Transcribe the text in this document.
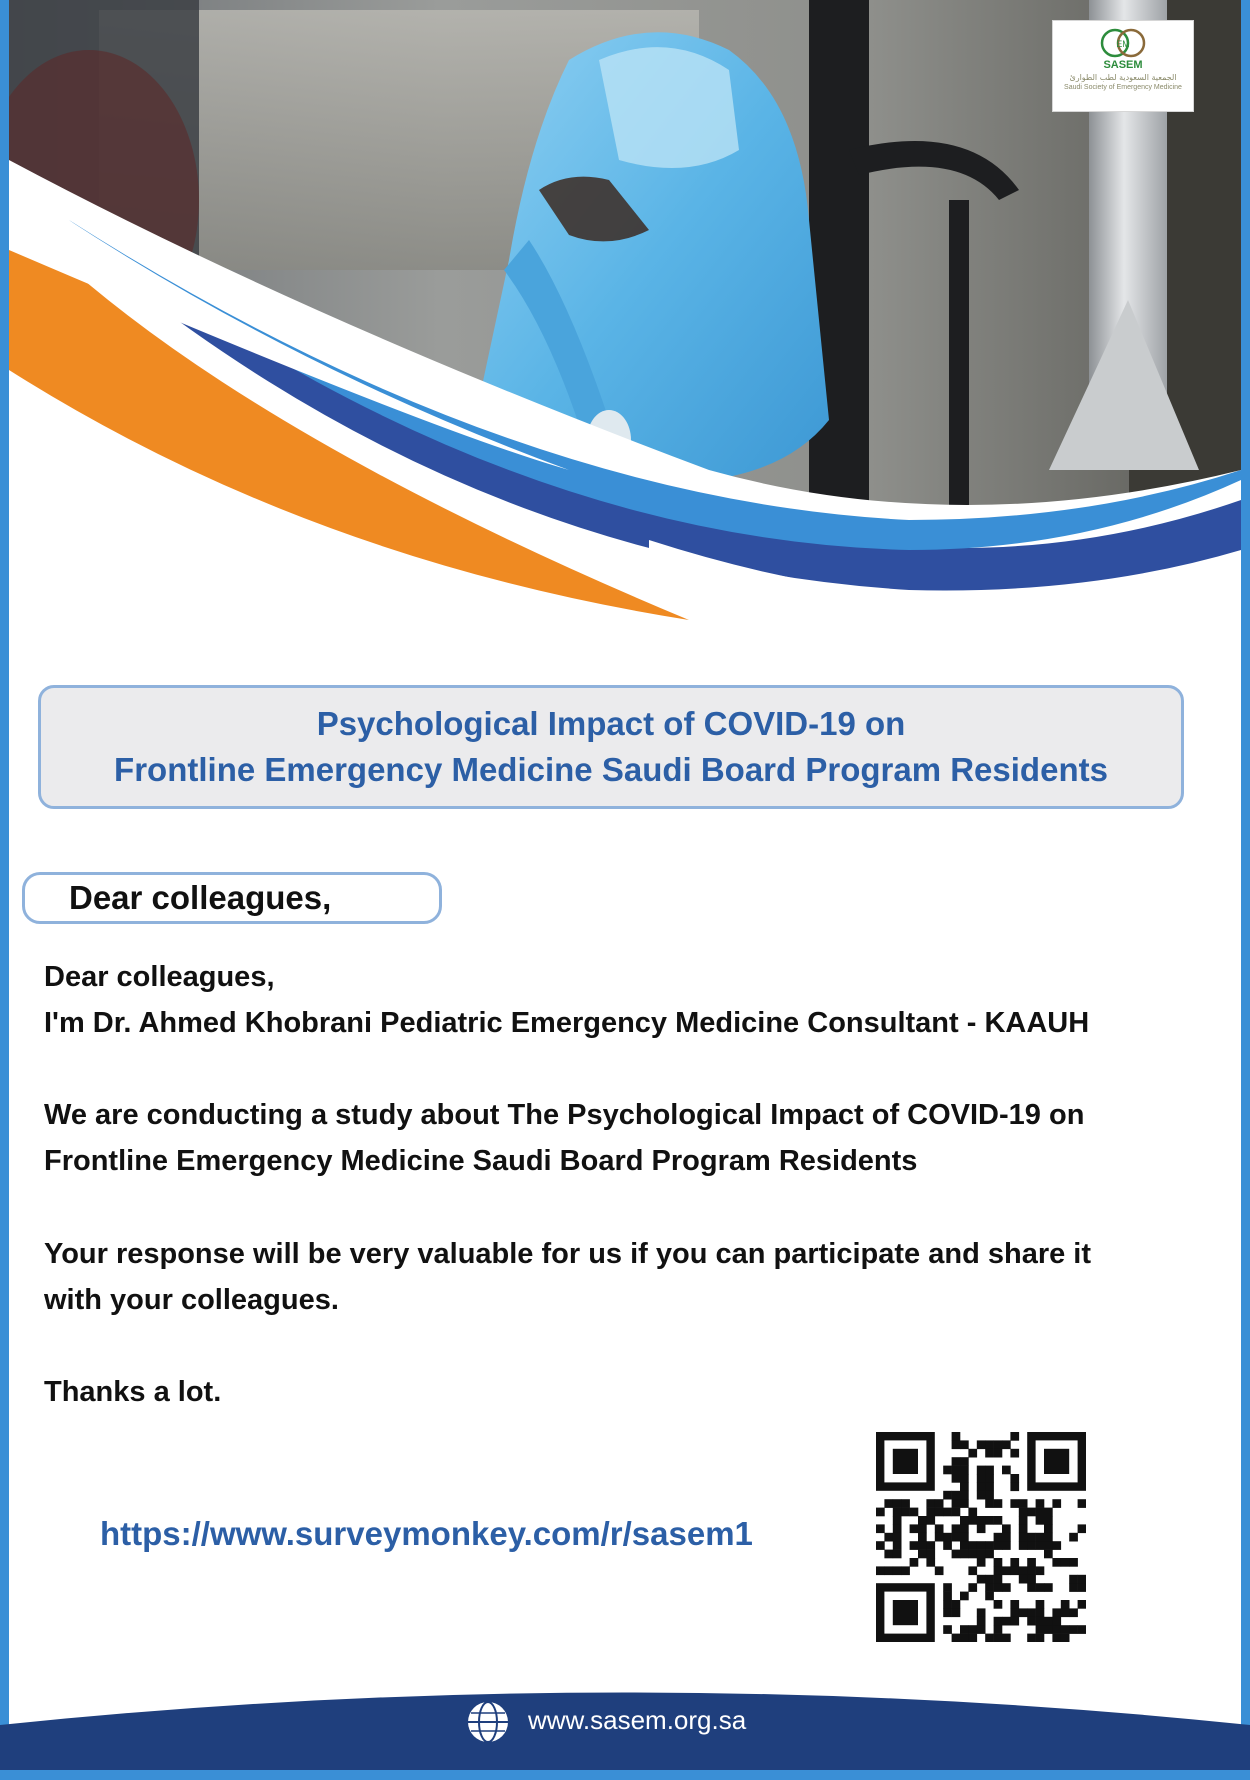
EM
SASEM
الجمعية السعودية لطب الطوارئ
Saudi Society of Emergency Medicine
Psychological Impact of COVID-19 on
Frontline Emergency Medicine Saudi Board Program Residents
Dear colleagues,
Dear colleagues,
I'm Dr. Ahmed Khobrani Pediatric Emergency Medicine Consultant - KAAUH
We are conducting a study about The Psychological Impact of COVID-19 on
Frontline Emergency Medicine Saudi Board Program Residents
Your response will be very valuable for us if you can participate and share it
with your colleagues.
Thanks a lot.
https://www.surveymonkey.com/r/sasem1
www.sasem.org.sa
